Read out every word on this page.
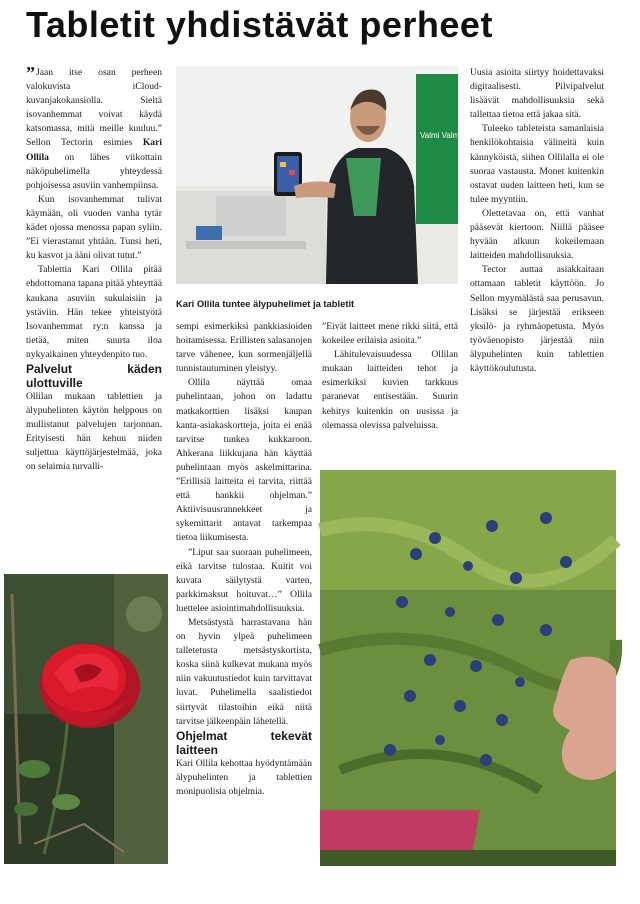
Tabletit yhdistävät perheet
Valmi Valmin
Kari Ollila tuntee älypuhelimet ja tabletit

”Jaan itse osan perheen valokuvista iCloud-kuvanjakokansiolla. Sieltä isovanhemmat voivat käydä katsomassa, mitä meille kuuluu.” Sellon Tectorin esimies Kari Ollila on lähes viikottain näköpuhelimella yhteydessä pohjoisessa asuviin vanhempiinsa.

Kun isovanhemmat tulivat käymään, oli vuoden vanha tytär kädet ojossa menossa papan syliin. ”Ei vierastanut yhtään. Tunsi heti, ku kasvot ja ääni olivat tutut.”

Tablettia Kari Ollila pitää ehdottomana tapana pitää yhteyttää kaukana asuviin sukulaisiin ja ystäviin. Hän tekee yhteistyötä Isovanhemmat ry:n kanssa ja tietää, miten suurta iloa nykyaikainen yhteydenpito tuo.

Palvelut käden ulottuville

Ollilan mukaan tablettien ja älypuhelinten käytön helppous on mullistanut palvelujen tarjonnan. Erityisesti hän kehuu niiden suljettua käyttöjärjestelmää, joka on selaimia turvalli-

sempi esimerkiksi pankkiasioiden hoitamisessa. Erillisten salasanojen tarve vähenee, kun sormenjäljellä tunnistautuminen yleistyy.

Ollila näyttää omaa puhelintaan, johon on ladattu matkakorttien lisäksi kaupan kanta-asiakaskortteja, joita ei enää tarvitse tunkea kukkaroon. Ahkerana liikkujana hän käyttää puhelintaan myös askelmittarina. ”Erillisiä laitteita ei tarvita, riittää että hankkii ohjelman.” Aktiivisuusrannekkeet ja sykemittarit antavat tarkempaa tietoa liikumisesta.

”Liput saa suoraan puhelimeen, eikä tarvitse tulostaa. Kuitit voi kuvata säilytystä varten, parkkimaksut hoituvat…” Ollila luettelee asiointimahdollisuuksia.

Metsästystä harrastavana hän on hyvin ylpeä puhelimeen talletetusta metsästyskortista, koska siinä kulkevat mukana myös niin vakuutustiedot kuin tarvittavat luvat. Puhelimella saalistiedot siirtyvät tilastoihin eikä niitä tarvitse jälkeenpäin lähetellä.

Ohjelmat tekevät laitteen

Kari Ollila kehottaa hyödyntämään älypuhelinten ja tablettien monipuolisia ohjelmia.

”Eivät laitteet mene rikki siitä, että kokeilee erilaisia asioita.”

Lähitulevaisuudessa Ollilan mukaan laitteiden tehot ja esimerkiksi kuvien tarkkuus paranevat entisestään. Suurin kehitys kuitenkin on uusissa ja olemassa olevissa palveluissa.

Uusia asioita siirtyy hoidettavaksi digitaalisesti. Pilvipalvelut lisäävät mahdollisuuksia sekä tallettaa tietoa että jakaa sitä.

Tuleeko tableteista samanlaisia henkilökohtaisia välineitä kuin kännyköistä, siihen Ollilalla ei ole suoraa vastausta. Monet kuitenkin ostavat uuden laitteen heti, kun se tulee myyntiin.

Olettetavaa on, että vanhat pääsevät kiertoon. Niillä pääsee hyvään alkuun kokeilemaan laitteiden mahdollisuuksia.

Tector auttaa asiakkaitaan ottamaan tabletit käyttöön. Jo Sellon myymälästä saa perusavun. Lisäksi se järjestää erikseen yksilö- ja ryhmäopetusta. Myös työväenopisto järjestää niin älypuhelinten kuin tablettien käyttökoulutusta.
